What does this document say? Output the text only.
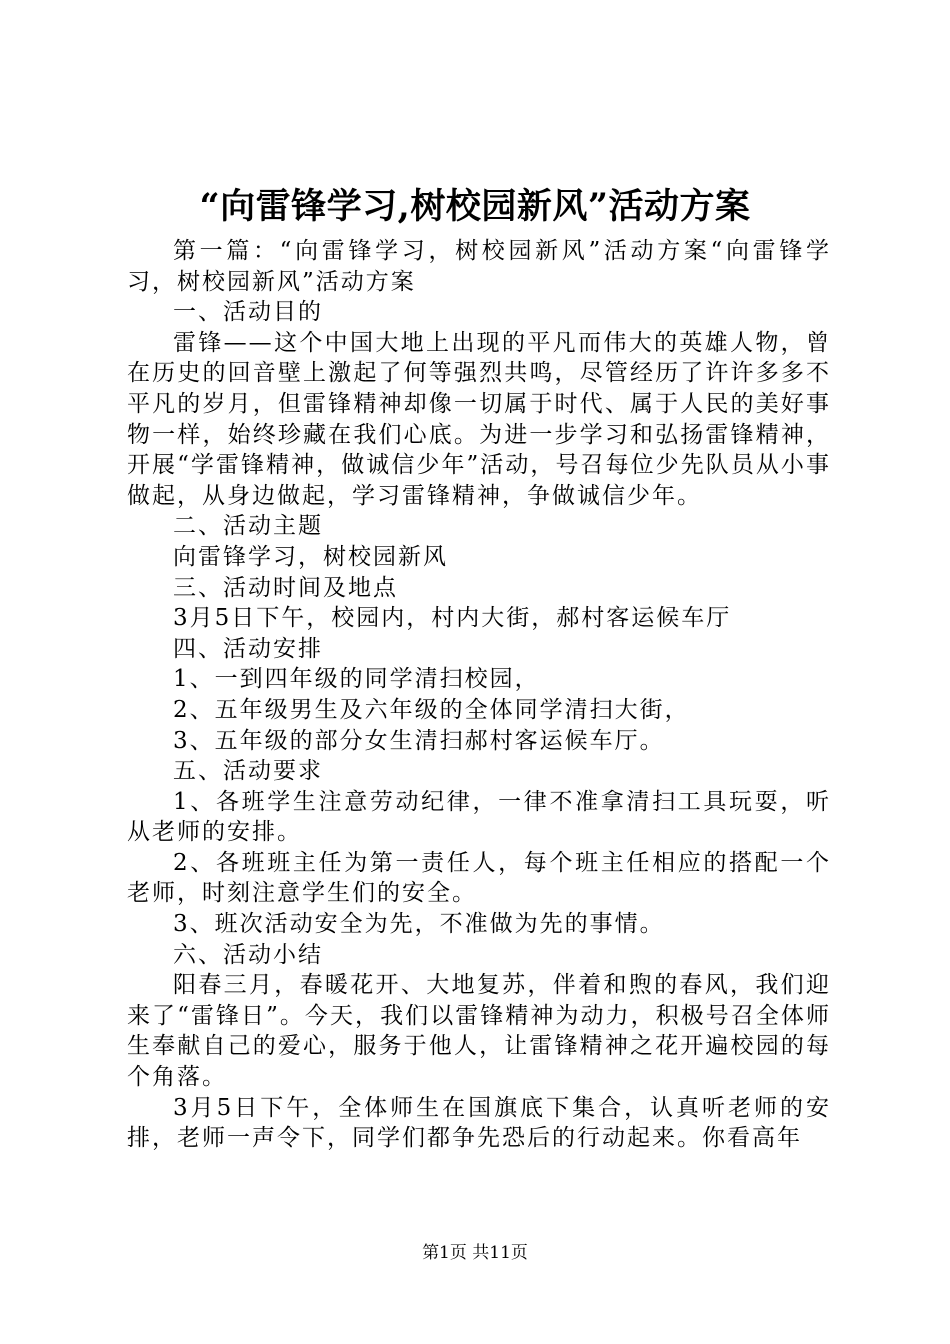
“向雷锋学习,树校园新风”活动方案

第一篇：“向雷锋学习，树校园新风”活动方案“向雷锋学习，树校园新风”活动方案

一、活动目的

雷锋——这个中国大地上出现的平凡而伟大的英雄人物，曾在历史的回音壁上激起了何等强烈共鸣，尽管经历了许许多多不平凡的岁月，但雷锋精神却像一切属于时代、属于人民的美好事物一样，始终珍藏在我们心底。为进一步学习和弘扬雷锋精神，开展“学雷锋精神，做诚信少年”活动，号召每位少先队员从小事做起，从身边做起，学习雷锋精神，争做诚信少年。

二、活动主题

向雷锋学习，树校园新风

三、活动时间及地点

3月5日下午，校园内，村内大街，郝村客运候车厅

四、活动安排

1、一到四年级的同学清扫校园，

2、五年级男生及六年级的全体同学清扫大街，

3、五年级的部分女生清扫郝村客运候车厅。

五、活动要求

1、各班学生注意劳动纪律，一律不准拿清扫工具玩耍，听从老师的安排。

2、各班班主任为第一责任人，每个班主任相应的搭配一个老师，时刻注意学生们的安全。

3、班次活动安全为先，不准做为先的事情。

六、活动小结

阳春三月，春暖花开、大地复苏，伴着和煦的春风，我们迎来了“雷锋日”。今天，我们以雷锋精神为动力，积极号召全体师生奉献自己的爱心，服务于他人，让雷锋精神之花开遍校园的每个角落。

3月5日下午，全体师生在国旗底下集合，认真听老师的安排，老师一声令下，同学们都争先恐后的行动起来。你看高年

第1页 共11页
